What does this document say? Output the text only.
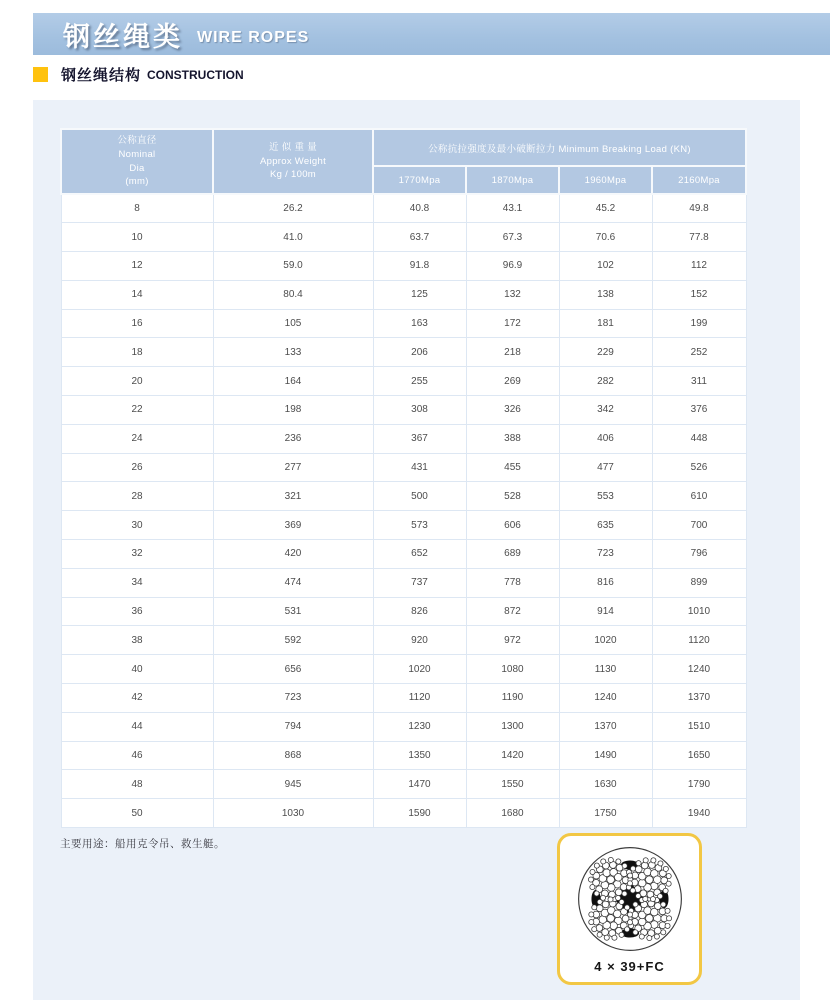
钢丝绳类 WIRE ROPES
钢丝绳结构 CONSTRUCTION
公称直径
Nominal
Dia
(mm)

近 似 重 量
Approx Weight
Kg / 100m
	公称抗拉强度及最小破断拉力 Minimum Breaking Load (KN)
		1770Mpa	1870Mpa	1960Mpa	2160Mpa
8	26.2	40.8	43.1	45.2	49.8
10	41.0	63.7	67.3	70.6	77.8
12	59.0	91.8	96.9	102	112
14	80.4	125	132	138	152
16	105	163	172	181	199
18	133	206	218	229	252
20	164	255	269	282	311
22	198	308	326	342	376
24	236	367	388	406	448
26	277	431	455	477	526
28	321	500	528	553	610
30	369	573	606	635	700
32	420	652	689	723	796
34	474	737	778	816	899
36	531	826	872	914	1010
38	592	920	972	1020	1120
40	656	1020	1080	1130	1240
42	723	1120	1190	1240	1370
44	794	1230	1300	1370	1510
46	868	1350	1420	1490	1650
48	945	1470	1550	1630	1790
50	1030	1590	1680	1750	1940
主要用途：船用克令吊、救生艇。
4 × 39+FC
